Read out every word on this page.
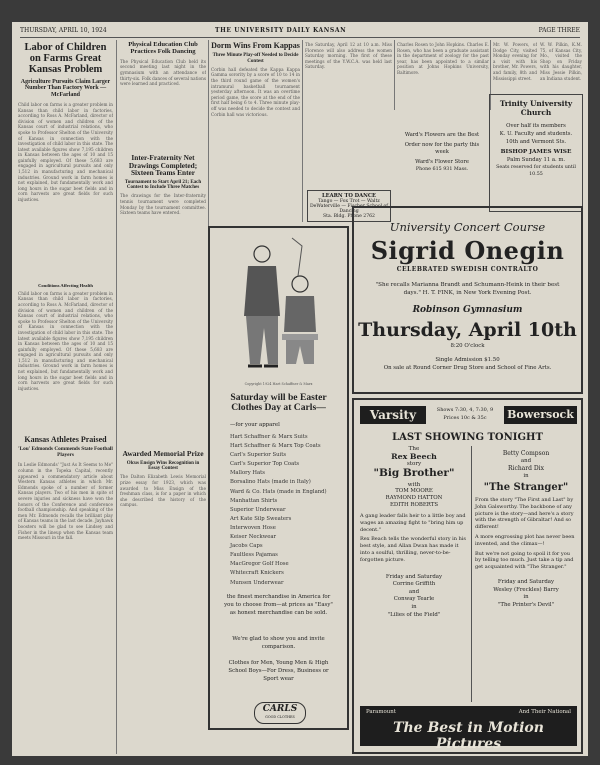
THURSDAY, APRIL 10, 1924	THE UNIVERSITY DAILY KANSAN	PAGE THREE
Labor of Children on Farms Great Kansas Problem
Agriculture Pursuits Claim Larger Number Than Factory Work —McFarland
Child labor on farms is a greater problem in Kansas than child labor in factories, according to Ross A. McFarland, director of division of women and children of the Kansas court of industrial relations, who spoke to Professor Shelton of the University of Kansas in connection with the investigation of child labor in this state. The latest available figures show 7,195 children in Kansas between the ages of 10 and 15 gainfully employed. Of these 5,683 are engaged in agricultural pursuits and only 1,512 in manufacturing and mechanical industries. Ground work in farm homes is not explained, but fundamentally work and long hours in the sugar beet fields and in corn harvests are great fields for such injustices.
Conditions Affecting Health
Child labor on farms is a greater problem in Kansas than child labor in factories, according to Ross A. McFarland, director of division of women and children of the Kansas court of industrial relations, who spoke to Professor Shelton of the University of Kansas in connection with the investigation of child labor in this state. The latest available figures show 7,195 children in Kansas between the ages of 10 and 15 gainfully employed. Of these 5,683 are engaged in agricultural pursuits and only 1,512 in manufacturing and mechanical industries. Ground work in farm homes is not explained, but fundamentally work and long hours in the sugar beet fields and in corn harvests are great fields for such injustices.
Kansas Athletes Praised
'Lou' Edmonds Commends State Football Players
In Leslie Edmonds' "Just As It Seems to Me" column in the Topeka Capital, recently appeared a commendatory article about Western Kansas athletes in which Mr. Edmonds spoke of a number of former Kansas players. Two of his men in spite of severe injuries and sickness have won the honors of the Conference and conference football championship. And speaking of the men Mr. Edmonds recalls the brilliant play of Kansas teams in the last decade. Jayhawk boosters will be glad to see Lindsey and Fisher in the lineup when the Kansas team meets Missouri in the fall.
Physical Education Club Practices Folk Dancing
The Physical Education Club held its second meeting last night in the gymnasium with an attendance of thirty-six. Folk dances of several nations were learned and practiced.
Inter-Fraternity Net Drawings Completed; Sixteen Teams Enter
Tournament to Start April 21; Each Contest to Include Three Matches
The drawings for the Inter-fraternity tennis tournament were completed Monday by the tournament committee. Sixteen teams have entered.
Awarded Memorial Prize
Olcus Ensign Wins Recognition in Essay Contest
The Dalton Elizabeth Lewis Memorial prize essay for 1923, which was awarded to Miss Ensign of the freshman class, is for a paper in which she described the history of the campus.
Dorm Wins From Kappas
Three Minute Play-off Needed to Decide Contest
Corbin hall defeated the Kappa Kappa Gamma sorority by a score of 10 to 14 in the third round game of the women's intramural basketball tournament yesterday afternoon. It was an overtime period game, the score at the end of the first half being 6 to 4. Three minute play-off was needed to decide the contest and Corbin hall was victorious.
The Saturday, April 12 at 10 a.m. Miss Florence will also address the women Saturday morning. The first of these meetings of the Y.W.C.A. was held last Saturday.
LEARN TO DANCE
Tango — Fox Trot — Waltz
DeWaterville — Fischer School of Dancing
Sta. Bldg. Phone 2762
Charles Rosen to John Hopkins. Charles E. Rosen, who has been a graduate assistant in the department of zoology for the past year, has been appointed to a similar position at Johns Hopkins University, Baltimore.
Ward's Flowers are the Best
Order now for the party this week
Ward's Flower Store
Phone 615 931 Mass.
Mr. W. Powers, of Dodge City, visited Monday evening for a visit with his brother, Mr. Powers, and family, 8th and Mississippi street.
W. W. Pilkin, K.M. 75, of Kansas City, Mo., visited the Shop on Friday with his daughter, Miss Jessie Pilkin, an Indiana student.
Trinity University Church
Over half its members
K. U. Faculty and students.
10th and Vermont Sts.
BISHOP JAMES WISE
Palm Sunday 11 a. m.
Seats reserved for students until 10.55
University Concert Course
Sigrid Onegin
CELEBRATED SWEDISH CONTRALTO
"She recalls Marianna Brandt and Schumann-Heink in their best days." H. T. FINK, in New York Evening Post.
Robinson Gymnasium
Thursday, April 10th
8:20 O'clock
Single Admission $1.50
On sale at Round Corner Drug Store and School of Fine Arts.
Copyright 1924 Hart Schaffner & Marx
Saturday will be Easter Clothes Day at Carls—
—for your apparel
Hart Schaffner & Marx Suits
Hart Schaffner & Marx Top Coats
Carl's Superior Suits
Carl's Superior Top Coats
Mallory Hats
Borsalino Hats (made in Italy)
Ward & Co. Hats (made in England)
Manhattan Shirts
Superior Underwear
Art Kate Silp Sweaters
Interwoven Hose
Keiser Neckwear
Jacobs Caps
Faultless Pajamas
MacGregor Golf Hose
Whitecraft Knickers
Munsen Underwear
the finest merchandise in America for you to choose from—at prices as "Easy" as honest merchandise can be sold.
We're glad to show you and invite comparison.
Clothes for Men, Young Men & High School Boys—For Dress, Business or Sport wear
CARLS
GOOD CLOTHES
Varsity	Shows 7:30, 4, 7:30, 9
Prices 10c & 35c	Bowersock
LAST SHOWING TONIGHT
The
Rex Beech
story
"Big Brother"
with
TOM MOORE
RAYMOND HATTON
EDITH ROBERTS
A gang leader falls heir to a little boy and wages an amazing fight to "bring him up decent."
Rex Beach tells the wonderful story in his best style, and Allan Dwan has made it into a soulful, thrilling, never-to-be-forgotten picture.
Friday and Saturday
Corrine Griffith
and
Conway Tearle
in
"Lilies of the Field"
Betty Compson
and
Richard Dix
in
"The Stranger"
From the story "The First and Last" by John Galsworthy. The backbone of any picture is the story—and here's a story with the strength of Gibraltar! And so different!
A more engrossing plot has never been invented, and the climax—!
But we're not going to spoil it for you by telling too much. Just take a tip and get acquainted with "The Stranger."
Friday and Saturday
Wesley (Freckles) Barry
in
"The Printer's Devil"
Paramount	And Their National
The Best in Motion Pictures
